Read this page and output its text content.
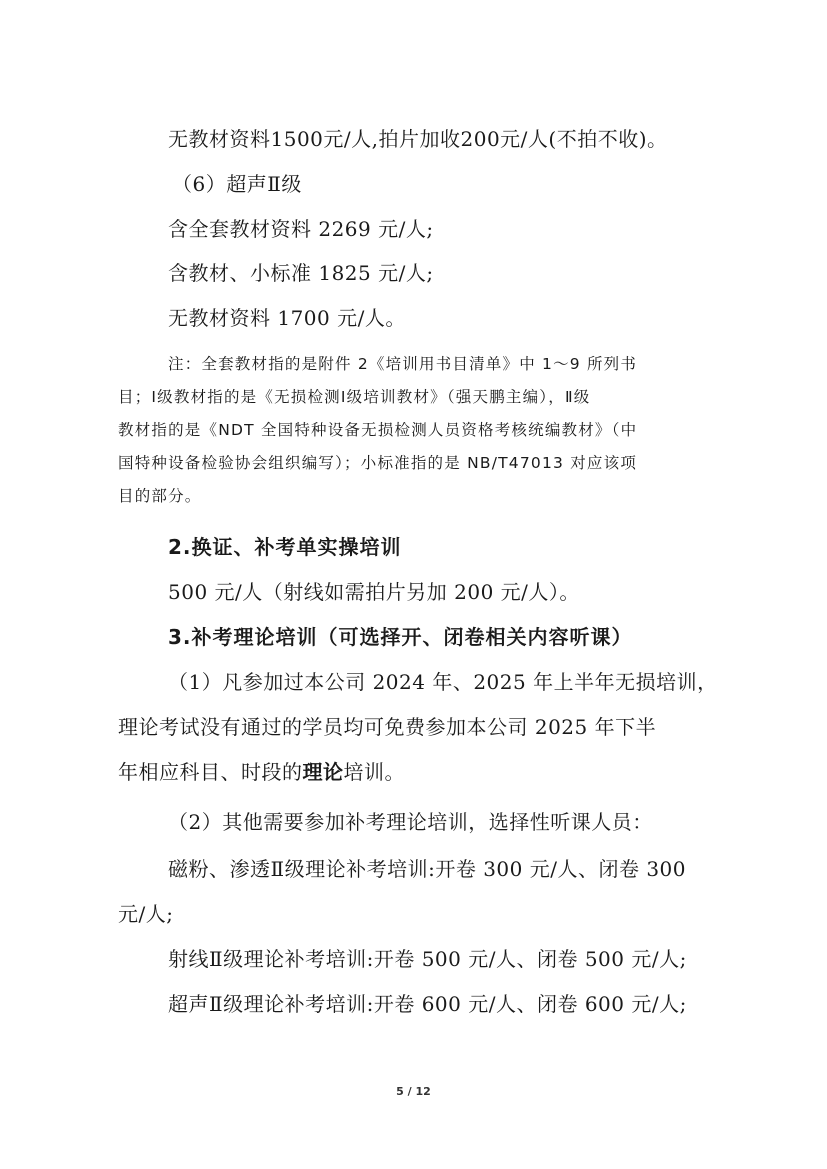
无教材资料1500元/人,拍片加收200元/人(不拍不收)。
（6）超声Ⅱ级
含全套教材资料 2269 元/人;
含教材、小标准 1825 元/人;
无教材资料 1700 元/人。
注：全套教材指的是附件 2《培训用书目清单》中 1～9 所列书
目；Ⅰ级教材指的是《无损检测Ⅰ级培训教材》（强天鹏主编），Ⅱ级
教材指的是《NDT 全国特种设备无损检测人员资格考核统编教材》（中
国特种设备检验协会组织编写）；小标准指的是 NB/T47013 对应该项
目的部分。
2.换证、补考单实操培训
500 元/人（射线如需拍片另加 200 元/人）。
3.补考理论培训（可选择开、闭卷相关内容听课）
（1）凡参加过本公司 2024 年、2025 年上半年无损培训，
理论考试没有通过的学员均可免费参加本公司 2025 年下半
年相应科目、时段的理论培训。
（2）其他需要参加补考理论培训，选择性听课人员：
磁粉、渗透Ⅱ级理论补考培训:开卷 300 元/人、闭卷 300
元/人;
射线Ⅱ级理论补考培训:开卷 500 元/人、闭卷 500 元/人;
超声Ⅱ级理论补考培训:开卷 600 元/人、闭卷 600 元/人;
5 / 12
